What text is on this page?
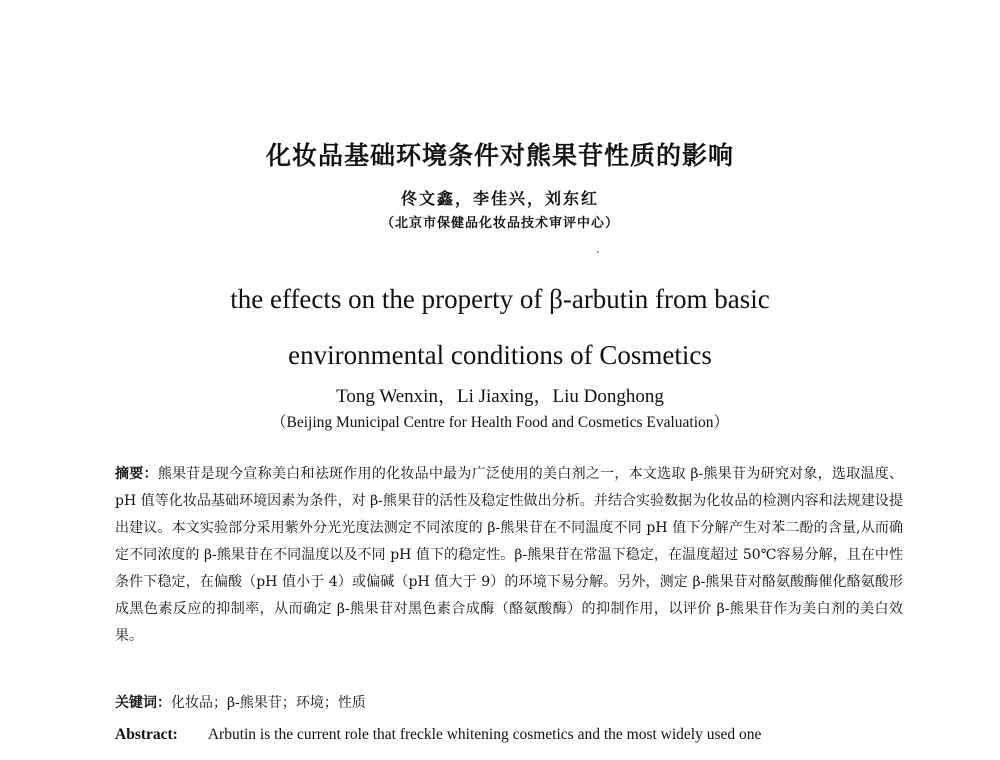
化妆品基础环境条件对熊果苷性质的影响
佟文鑫，李佳兴，刘东红
（北京市保健品化妆品技术审评中心）
the effects on the property of β-arbutin from basic
environmental conditions of Cosmetics
Tong Wenxin，Li Jiaxing，Liu Donghong
（Beijing Municipal Centre for Health Food and Cosmetics Evaluation）

摘要：熊果苷是现今宣称美白和祛斑作用的化妆品中最为广泛使用的美白剂之一，本文选取 β-熊果苷为研究对象，选取温度、pH 值等化妆品基础环境因素为条件，对 β-熊果苷的活性及稳定性做出分析。并结合实验数据为化妆品的检测内容和法规建设提出建议。本文实验部分采用紫外分光光度法测定不同浓度的 β-熊果苷在不同温度不同 pH 值下分解产生对苯二酚的含量,从而确定不同浓度的 β-熊果苷在不同温度以及不同 pH 值下的稳定性。β-熊果苷在常温下稳定，在温度超过 50℃容易分解，且在中性条件下稳定，在偏酸（pH 值小于 4）或偏碱（pH 值大于 9）的环境下易分解。另外，测定 β-熊果苷对酪氨酸酶催化酪氨酸形成黑色素反应的抑制率，从而确定 β-熊果苷对黑色素合成酶（酪氨酸酶）的抑制作用，以评价 β-熊果苷作为美白剂的美白效果。

关键词：化妆品；β-熊果苷；环境；性质
Abstract: Arbutin is the current role that freckle whitening cosmetics and the most widely used one
